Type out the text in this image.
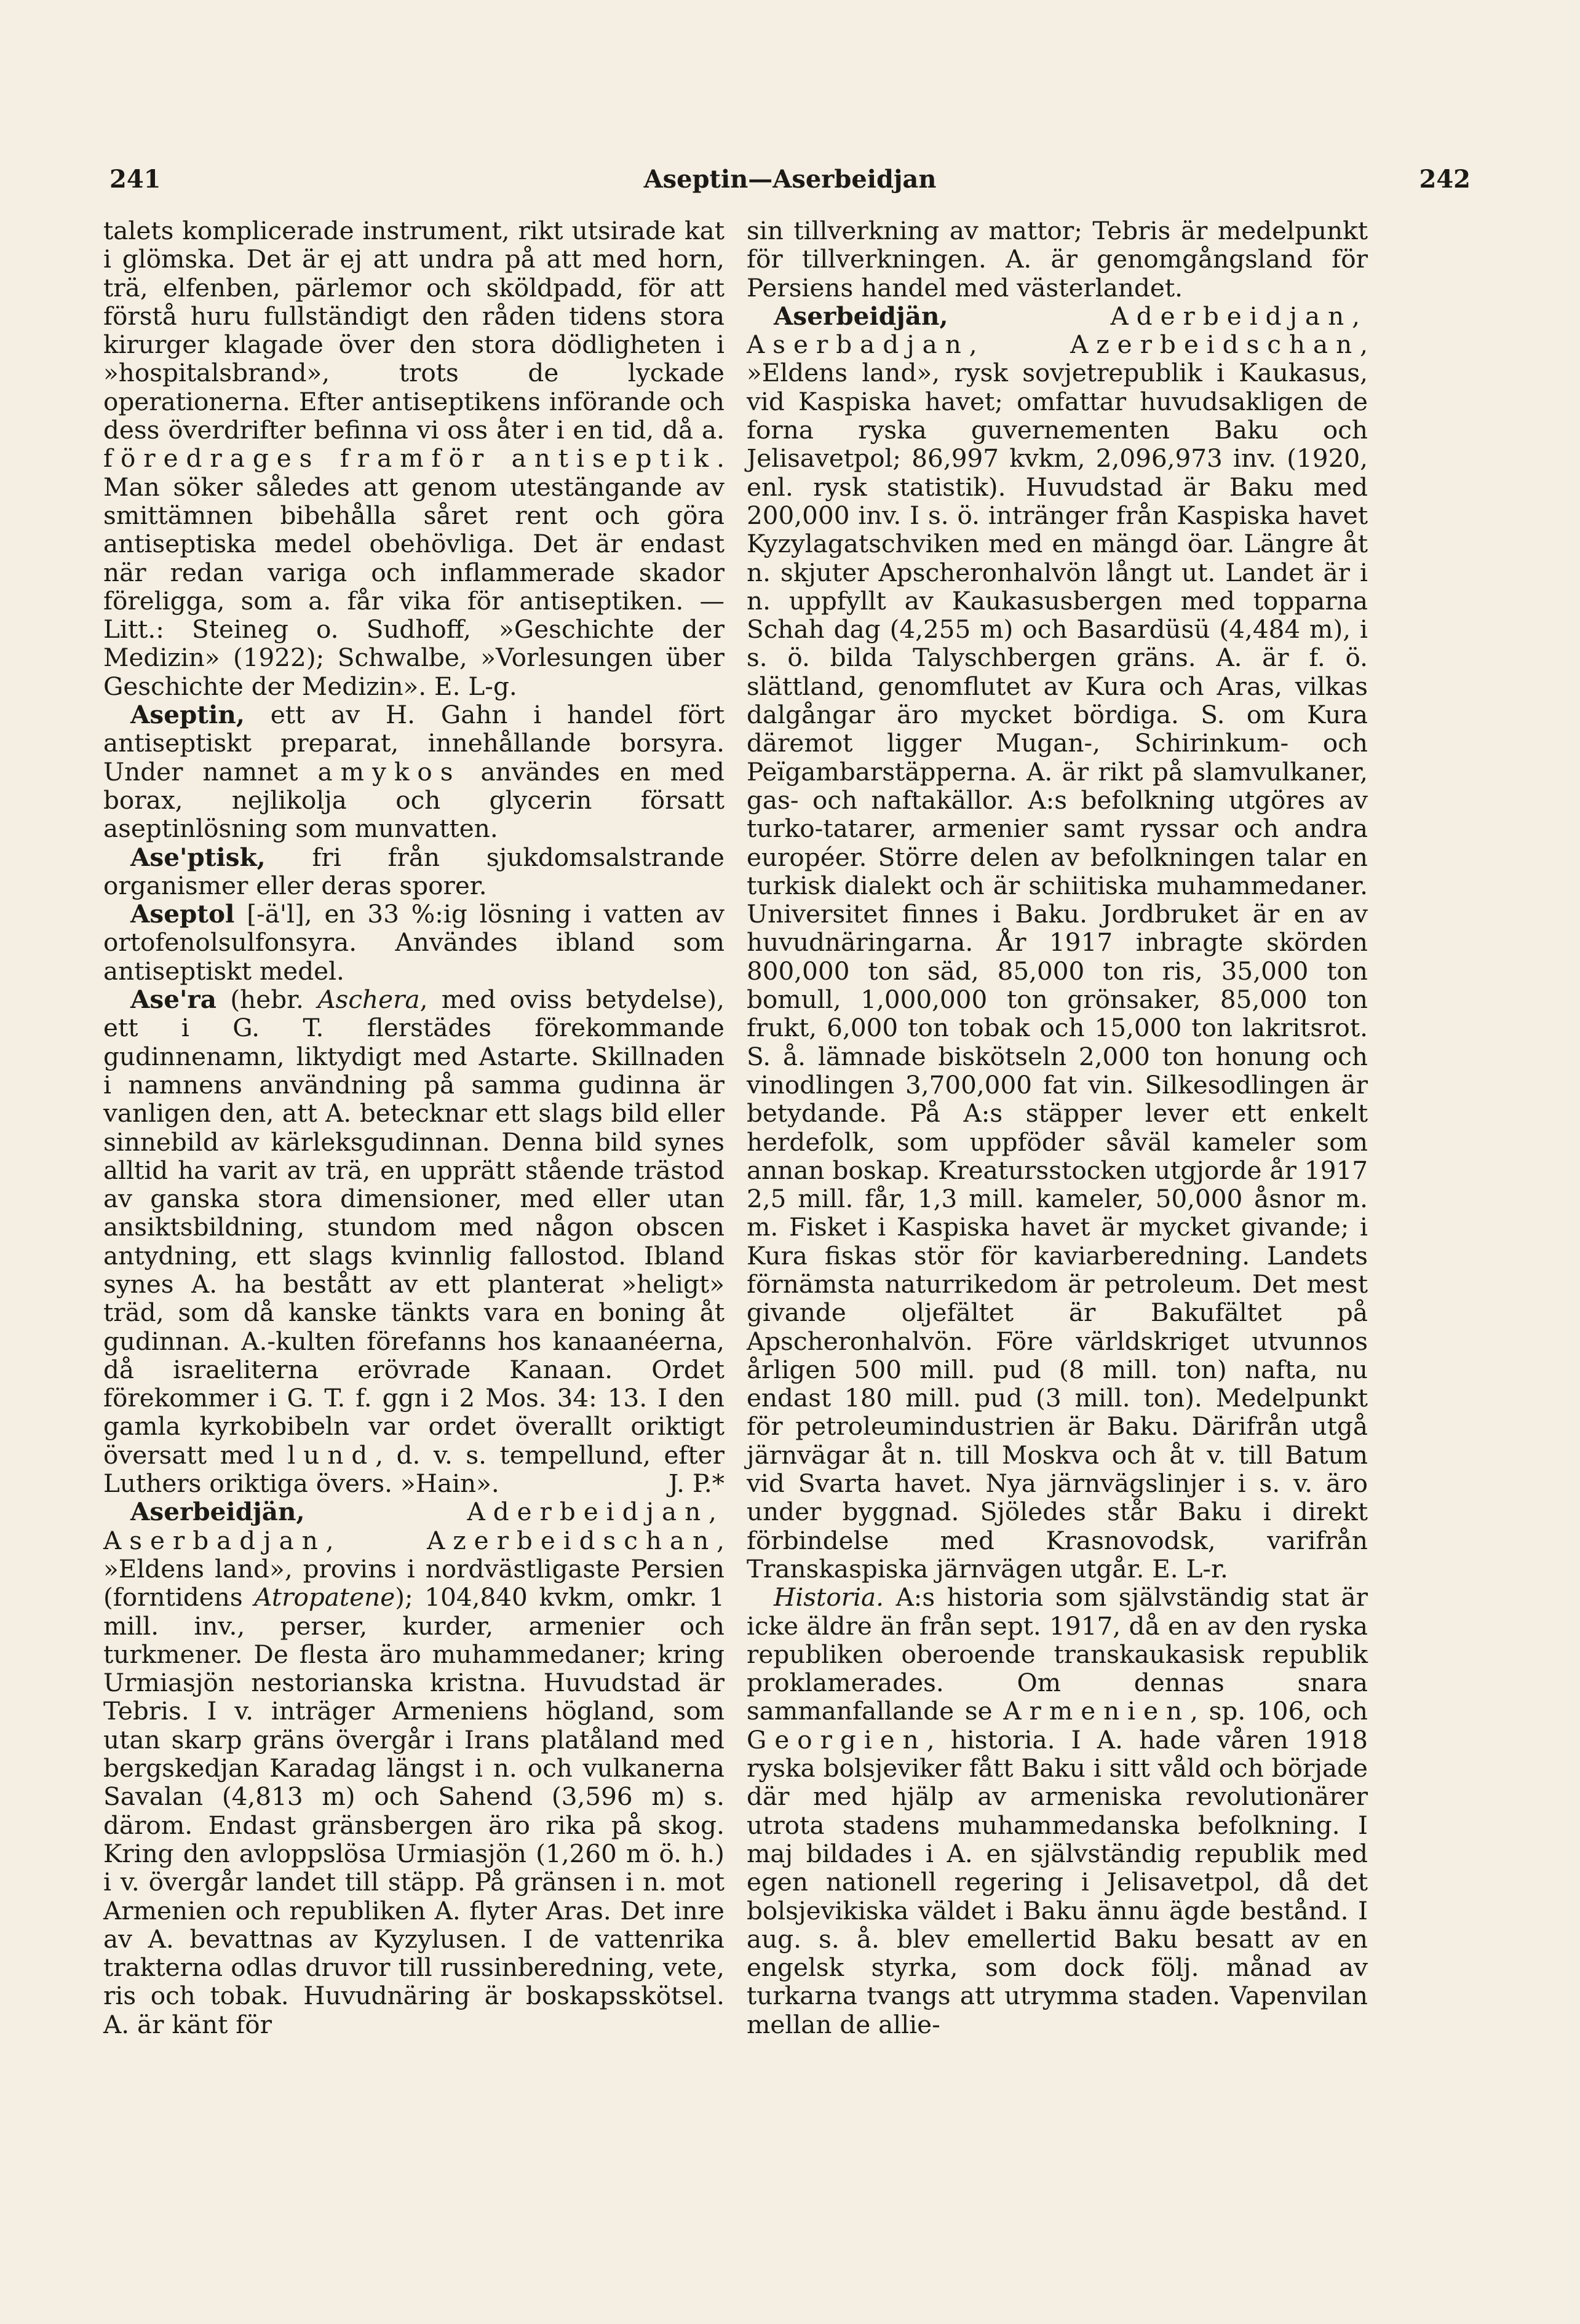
241	Aseptin—Aserbeidjan	242

talets komplicerade instrument, rikt utsirade kat i glömska. Det är ej att undra på att med horn, trä, elfenben, pärlemor och sköldpadd, för att förstå huru fullständigt den råden tidens stora kirurger klagade över den stora dödligheten i »hospitalsbrand», trots de lyckade operationerna. Efter antiseptikens införande och dess överdrifter befinna vi oss åter i en tid, då a. föredrages framför antiseptik. Man söker således att genom utestängande av smittämnen bibehålla såret rent och göra antiseptiska medel obehövliga. Det är endast när redan variga och inflammerade skador föreligga, som a. får vika för antiseptiken. — Litt.: Steineg o. Sudhoff, »Geschichte der Medizin» (1922); Schwalbe, »Vorlesungen über Geschichte der Medizin». E. L-g.

Aseptin, ett av H. Gahn i handel fört antiseptiskt preparat, innehållande borsyra. Under namnet amykos användes en med borax, nejlikolja och glycerin försatt aseptinlösning som munvatten.

Ase'ptisk, fri från sjukdomsalstrande organismer eller deras sporer.

Aseptol [-ä'l], en 33 %:ig lösning i vatten av ortofenolsulfonsyra. Användes ibland som antiseptiskt medel.

Ase'ra (hebr. Aschera, med oviss betydelse), ett i G. T. flerstädes förekommande gudinnenamn, liktydigt med Astarte. Skillnaden i namnens användning på samma gudinna är vanligen den, att A. betecknar ett slags bild eller sinnebild av kärleksgudinnan. Denna bild synes alltid ha varit av trä, en upprätt stående trästod av ganska stora dimensioner, med eller utan ansiktsbildning, stundom med någon obscen antydning, ett slags kvinnlig fallostod. Ibland synes A. ha bestått av ett planterat »heligt» träd, som då kanske tänkts vara en boning åt gudinnan. A.-kulten förefanns hos kanaanéerna, då israeliterna erövrade Kanaan. Ordet förekommer i G. T. f. ggn i 2 Mos. 34: 13. I den gamla kyrkobibeln var ordet överallt oriktigt översatt med lund, d. v. s. tempellund, efter Luthers oriktiga övers. »Hain».	J. P.*

Aserbeidjän,	Aderbeidjan, Aserbadjan, Azerbeidschan, »Eldens land», provins i nordvästligaste Persien (forntidens Atropatene); 104,840 kvkm, omkr. 1 mill. inv., perser, kurder, armenier och turkmener. De flesta äro muhammedaner; kring Urmiasjön nestorianska kristna. Huvudstad är Tebris. I v. inträger Armeniens högland, som utan skarp gräns övergår i Irans platåland med bergskedjan Karadag längst i n. och vulkanerna Savalan (4,813 m) och Sahend (3,596 m) s. därom. Endast gränsbergen äro rika på skog. Kring den avloppslösa Urmiasjön (1,260 m ö. h.) i v. övergår landet till stäpp. På gränsen i n. mot Armenien och republiken A. flyter Aras. Det inre av A. bevattnas av Kyzylusen. I de vattenrika trakterna odlas druvor till russinberedning, vete, ris och tobak. Huvudnäring är boskapsskötsel. A. är känt för

sin tillverkning av mattor; Tebris är medelpunkt för tillverkningen. A. är genomgångsland för Persiens handel med västerlandet.

Aserbeidjän,	Aderbeidjan, Aserbadjan, Azerbeidschan, »Eldens land», rysk sovjetrepublik i Kaukasus, vid Kaspiska havet; omfattar huvudsakligen de forna ryska guvernementen Baku och Jelisavetpol; 86,997 kvkm, 2,096,973 inv. (1920, enl. rysk statistik). Huvudstad är Baku med 200,000 inv. I s. ö. intränger från Kaspiska havet Kyzylagatschviken med en mängd öar. Längre åt n. skjuter Apscheronhalvön långt ut. Landet är i n. uppfyllt av Kaukasusbergen med topparna Schah dag (4,255 m) och Basardüsü (4,484 m), i s. ö. bilda Talyschbergen gräns. A. är f. ö. slättland, genomflutet av Kura och Aras, vilkas dalgångar äro mycket bördiga. S. om Kura däremot ligger Mugan-, Schirinkum- och Peïgambarstäpperna. A. är rikt på slamvulkaner, gas- och naftakällor. A:s befolkning utgöres av turko-tatarer, armenier samt ryssar och andra européer. Större delen av befolkningen talar en turkisk dialekt och är schiitiska muhammedaner. Universitet finnes i Baku. Jordbruket är en av huvudnäringarna. År 1917 inbragte skörden 800,000 ton säd, 85,000 ton ris, 35,000 ton bomull, 1,000,000 ton grönsaker, 85,000 ton frukt, 6,000 ton tobak och 15,000 ton lakritsrot. S. å. lämnade biskötseln 2,000 ton honung och vinodlingen 3,700,000 fat vin. Silkesodlingen är betydande. På A:s stäpper lever ett enkelt herdefolk, som uppföder såväl kameler som annan boskap. Kreatursstocken utgjorde år 1917 2,5 mill. får, 1,3 mill. kameler, 50,000 åsnor m. m. Fisket i Kaspiska havet är mycket givande; i Kura fiskas stör för kaviarberedning. Landets förnämsta naturrikedom är petroleum. Det mest givande oljefältet är Bakufältet på Apscheronhalvön. Före världskriget utvunnos årligen 500 mill. pud (8 mill. ton) nafta, nu endast 180 mill. pud (3 mill. ton). Medelpunkt för petroleumindustrien är Baku. Därifrån utgå järnvägar åt n. till Moskva och åt v. till Batum vid Svarta havet. Nya järnvägslinjer i s. v. äro under byggnad. Sjöledes står Baku i direkt förbindelse med Krasnovodsk, varifrån Transkaspiska järnvägen utgår. E. L-r.

Historia. A:s historia som självständig stat är icke äldre än från sept. 1917, då en av den ryska republiken oberoende transkaukasisk republik proklamerades. Om dennas snara sammanfallande se Armenien, sp. 106, och Georgien, historia. I A. hade våren 1918 ryska bolsjeviker fått Baku i sitt våld och började där med hjälp av armeniska revolutionärer utrota stadens muhammedanska befolkning. I maj bildades i A. en självständig republik med egen nationell regering i Jelisavetpol, då det bolsjevikiska väldet i Baku ännu ägde bestånd. I aug. s. å. blev emellertid Baku besatt av en engelsk styrka, som dock följ. månad av turkarna tvangs att utrymma staden. Vapenvilan mellan de allie-
